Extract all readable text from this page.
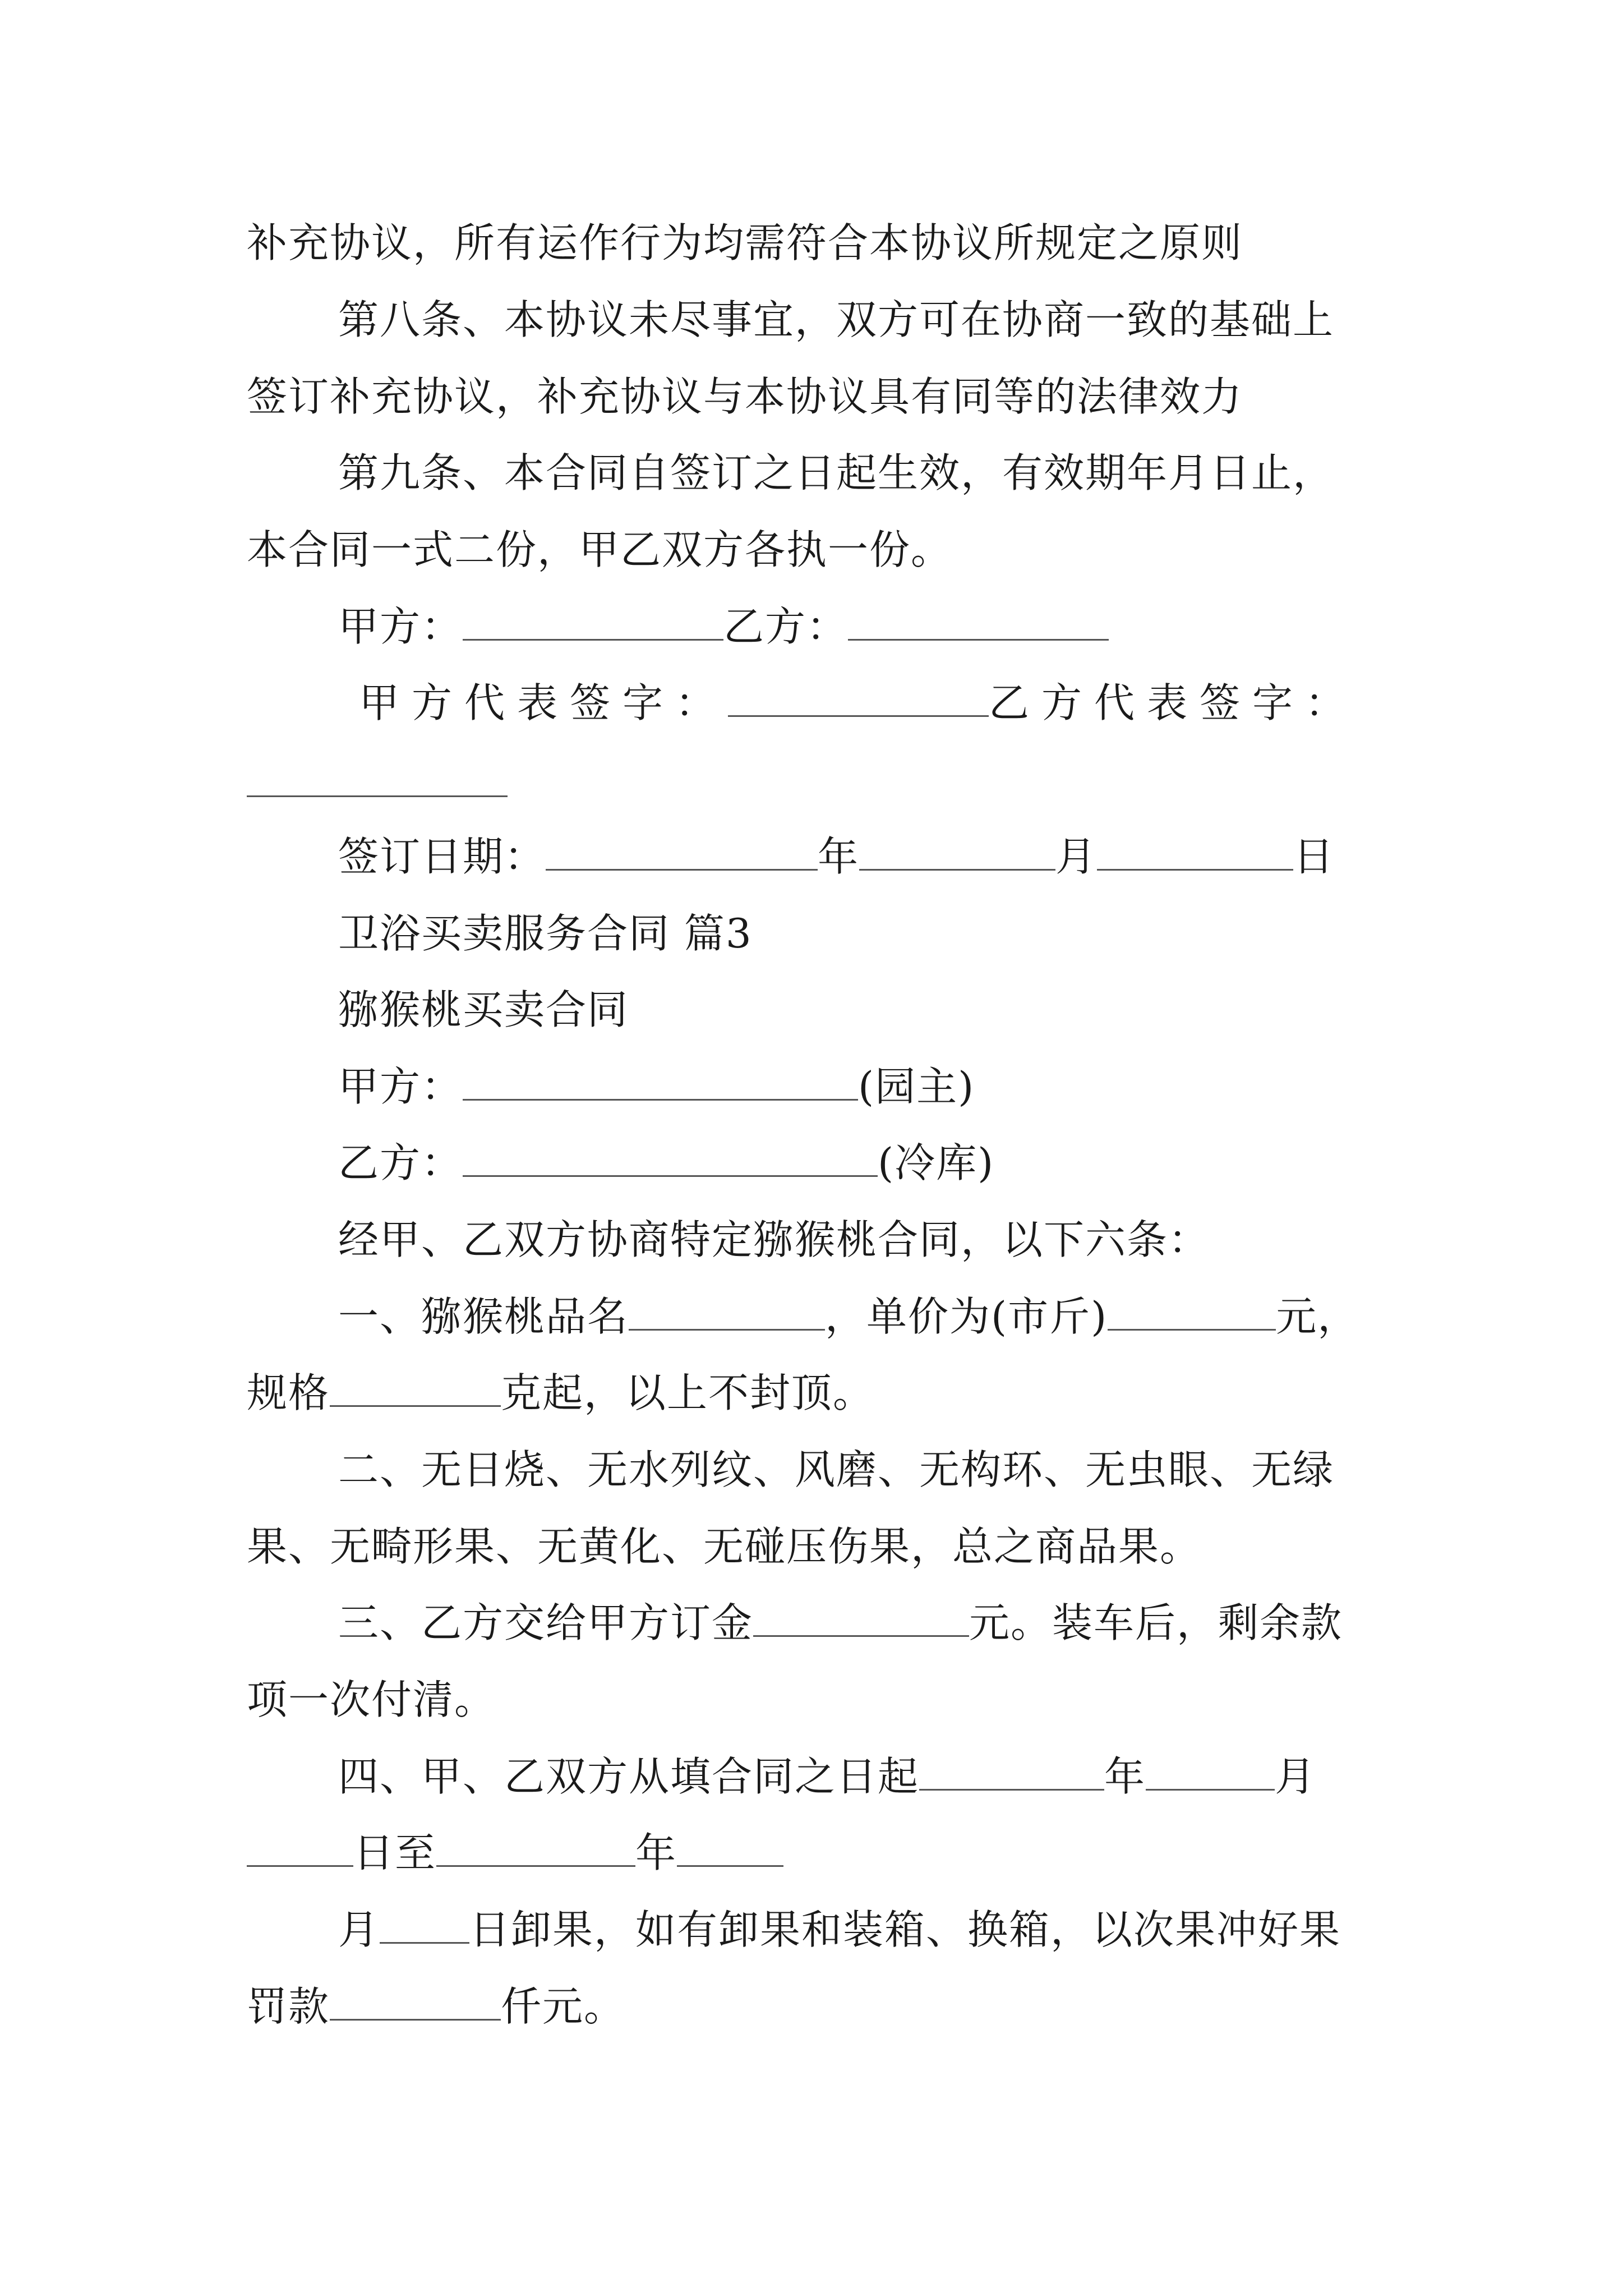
补充协议，所有运作行为均需符合本协议所规定之原则
第八条、本协议未尽事宜，双方可在协商一致的基础上
签订补充协议，补充协议与本协议具有同等的法律效力
第九条、本合同自签订之日起生效，有效期年月日止，
本合同一式二份，甲乙双方各执一份。
甲方：	乙方：
甲方代表签字：	乙方代表签字：
签订日期：	年	月	日
卫浴买卖服务合同 篇3
猕猴桃买卖合同
甲方：	(园主)
乙方：	(冷库)
经甲、乙双方协商特定猕猴桃合同，以下六条：
一、猕猴桃品名	，单价为(市斤)	元，
规格	克起，以上不封顶。
二、无日烧、无水列纹、风磨、无构环、无虫眼、无绿
果、无畸形果、无黄化、无碰压伤果，总之商品果。
三、乙方交给甲方订金	元。装车后，剩余款
项一次付清。
四、甲、乙双方从填合同之日起	年	月
日至	年
月 日卸果，如有卸果和装箱、换箱，以次果冲好果
罚款	仟元。
